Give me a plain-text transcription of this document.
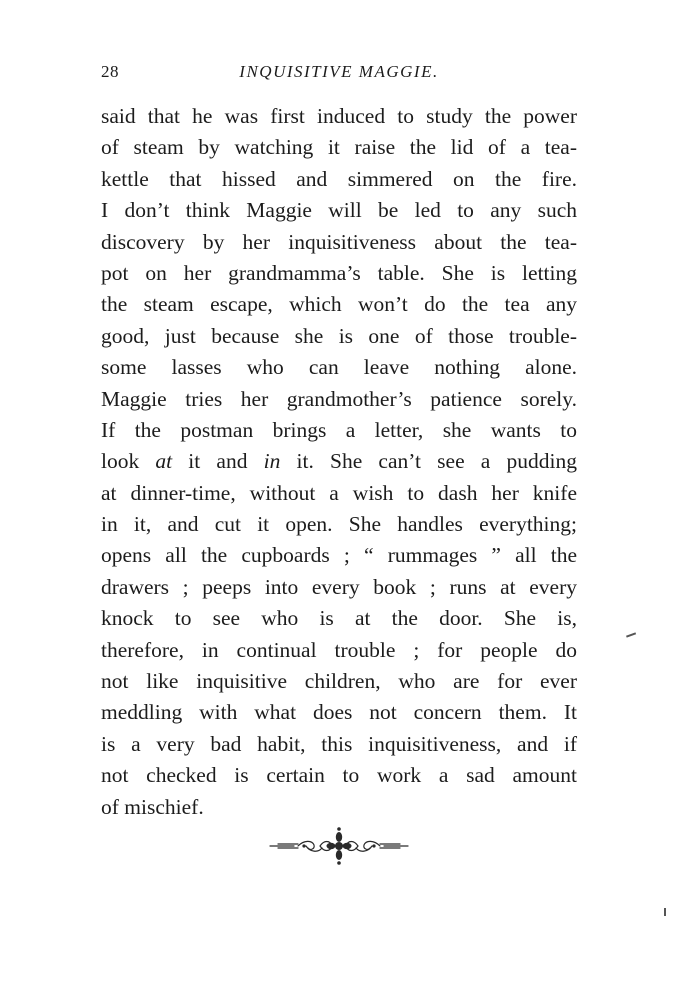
28	INQUISITIVE MAGGIE.
said that he was first induced to study the power
of steam by watching it raise the lid of a tea-
kettle that hissed and simmered on the fire.
I don’t think Maggie will be led to any such
discovery by her inquisitiveness about the tea-
pot on her grandmamma’s table. She is letting
the steam escape, which won’t do the tea any
good, just because she is one of those trouble-
some lasses who can leave nothing alone.
Maggie tries her grandmother’s patience sorely.
If the postman brings a letter, she wants to
look at it and in it. She can’t see a pudding
at dinner-time, without a wish to dash her knife
in it, and cut it open. She handles everything;
opens all the cupboards ; “ rummages ” all the
drawers ; peeps into every book ; runs at every
knock to see who is at the door. She is,
therefore, in continual trouble ; for people do
not like inquisitive children, who are for ever
meddling with what does not concern them. It
is a very bad habit, this inquisitiveness, and if
not checked is certain to work a sad amount
of mischief.
